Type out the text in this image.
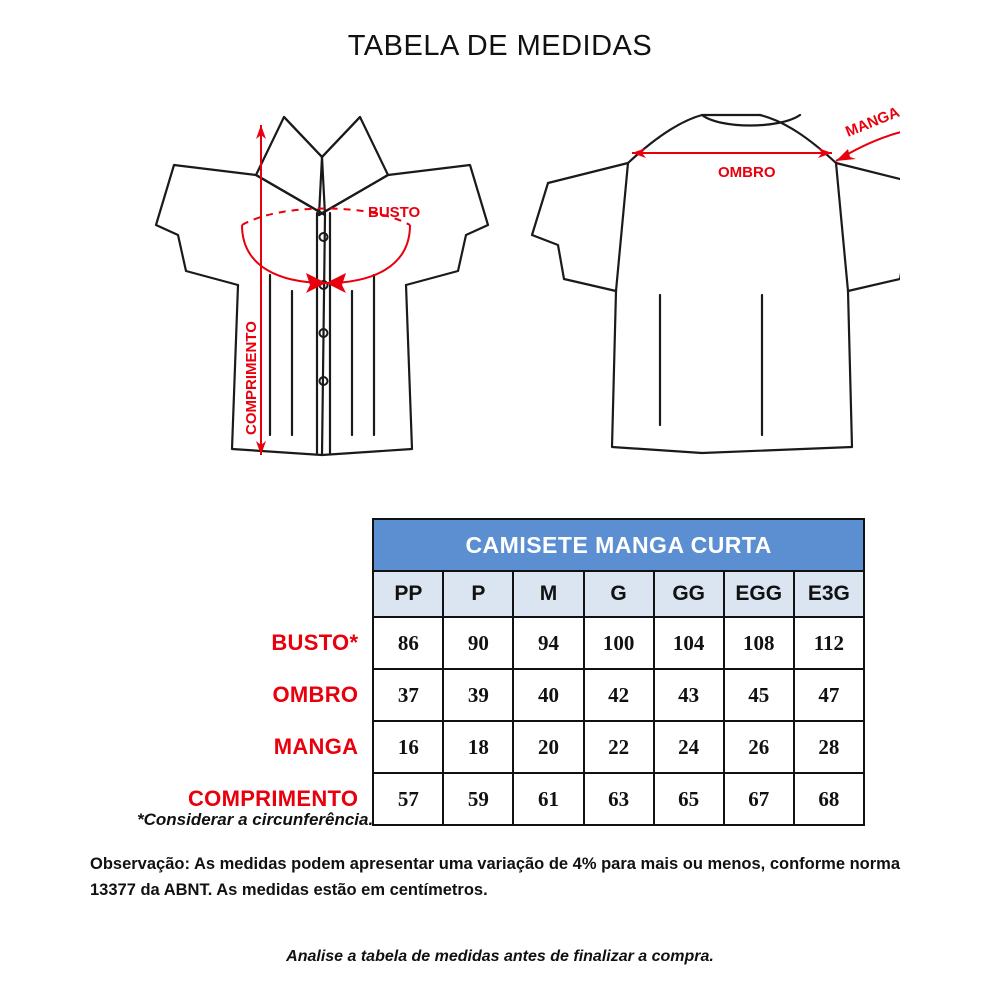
TABELA DE MEDIDAS
BUSTO
COMPRIMENTO
OMBRO
MANGA
	CAMISETE MANGA CURTA						
	PP	P	M	G	GG	EGG	E3G
BUSTO*	86	90	94	100	104	108	112
OMBRO	37	39	40	42	43	45	47
MANGA	16	18	20	22	24	26	28
COMPRIMENTO	57	59	61	63	65	67	68
*Considerar a circunferência.
Observação: As medidas podem apresentar uma variação de 4% para mais ou menos, conforme norma 13377 da ABNT. As medidas estão em centímetros.
Analise a tabela de medidas antes de finalizar a compra.
